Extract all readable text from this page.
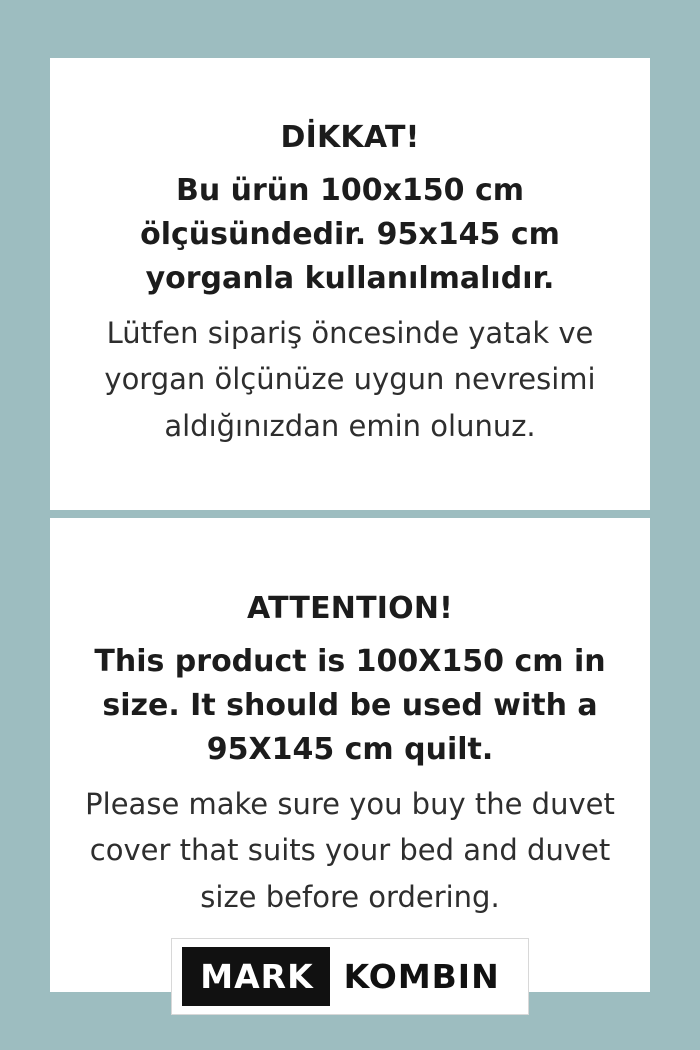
DİKKAT!

Bu ürün 100x150 cm ölçüsündedir. 95x145 cm yorganla kullanılmalıdır.

Lütfen sipariş öncesinde yatak ve yorgan ölçünüze uygun nevresimi aldığınızdan emin olunuz.

ATTENTION!

This product is 100X150 cm in size. It should be used with a 95X145 cm quilt.

Please make sure you buy the duvet cover that suits your bed and duvet size before ordering.

MARK KOMBIN
